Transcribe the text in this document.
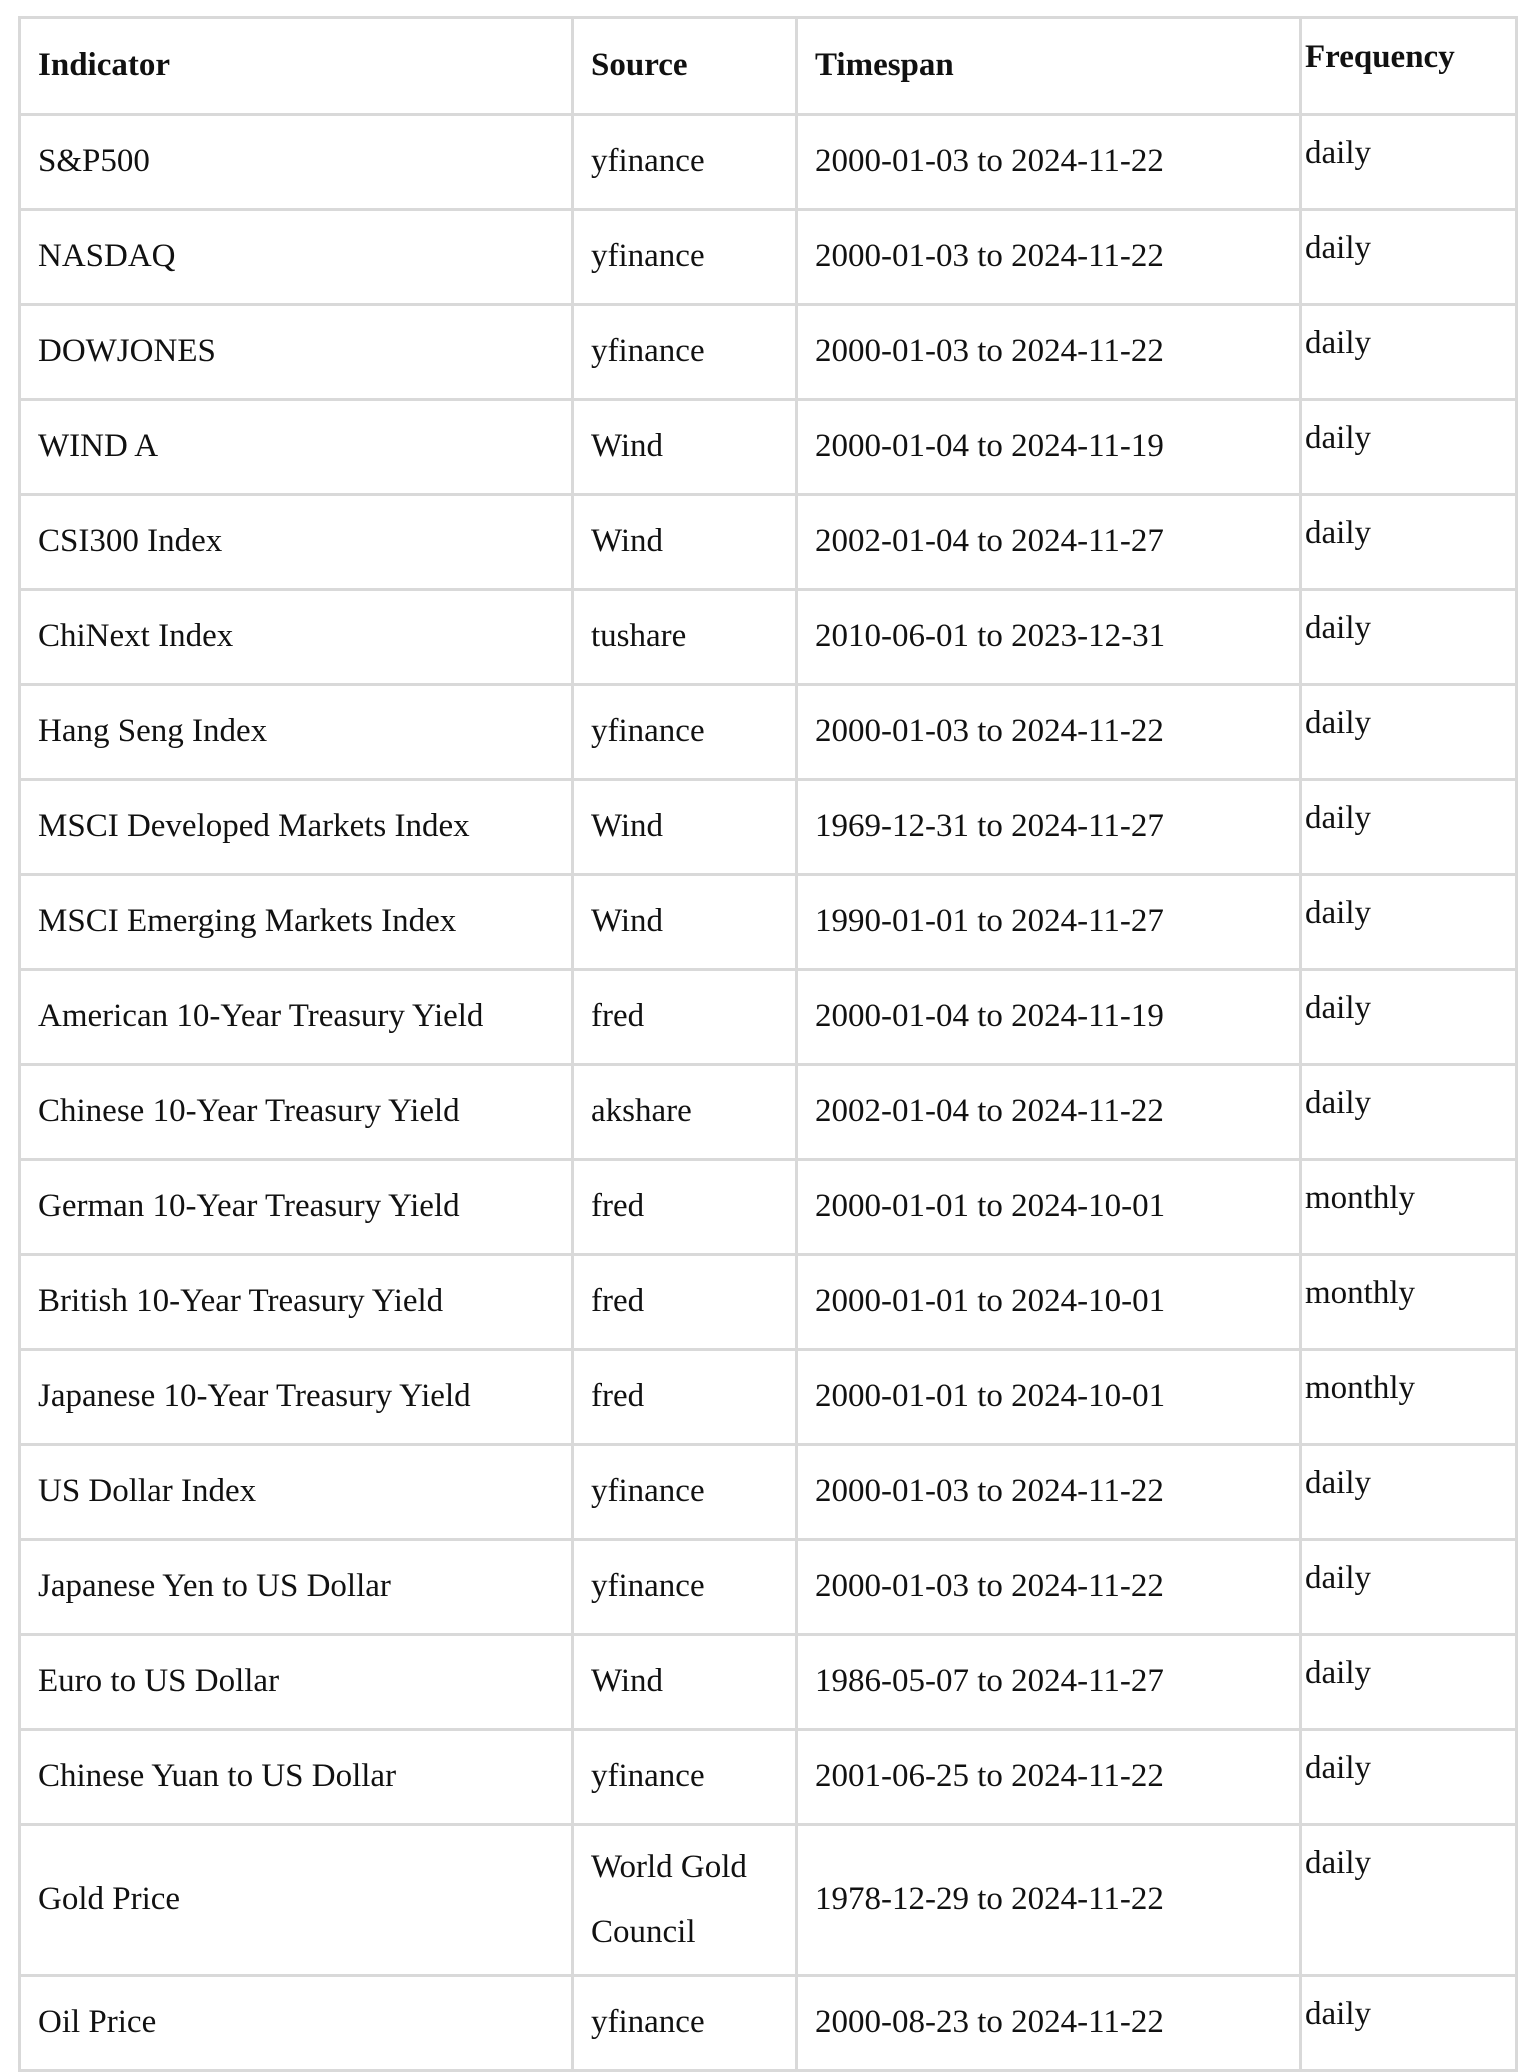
Indicator	Source	Timespan	Frequency
S&P500	yfinance	2000-01-03 to 2024-11-22	daily
NASDAQ	yfinance	2000-01-03 to 2024-11-22	daily
DOWJONES	yfinance	2000-01-03 to 2024-11-22	daily
WIND A	Wind	2000-01-04 to 2024-11-19	daily
CSI300 Index	Wind	2002-01-04 to 2024-11-27	daily
ChiNext Index	tushare	2010-06-01 to 2023-12-31	daily
Hang Seng Index	yfinance	2000-01-03 to 2024-11-22	daily
MSCI Developed Markets Index	Wind	1969-12-31 to 2024-11-27	daily
MSCI Emerging Markets Index	Wind	1990-01-01 to 2024-11-27	daily
American 10-Year Treasury Yield	fred	2000-01-04 to 2024-11-19	daily
Chinese 10-Year Treasury Yield	akshare	2002-01-04 to 2024-11-22	daily
German 10-Year Treasury Yield	fred	2000-01-01 to 2024-10-01	monthly
British 10-Year Treasury Yield	fred	2000-01-01 to 2024-10-01	monthly
Japanese 10-Year Treasury Yield	fred	2000-01-01 to 2024-10-01	monthly
US Dollar Index	yfinance	2000-01-03 to 2024-11-22	daily
Japanese Yen to US Dollar	yfinance	2000-01-03 to 2024-11-22	daily
Euro to US Dollar	Wind	1986-05-07 to 2024-11-27	daily
Chinese Yuan to US Dollar	yfinance	2001-06-25 to 2024-11-22	daily
Gold Price	World Gold Council	1978-12-29 to 2024-11-22	daily
Oil Price	yfinance	2000-08-23 to 2024-11-22	daily
